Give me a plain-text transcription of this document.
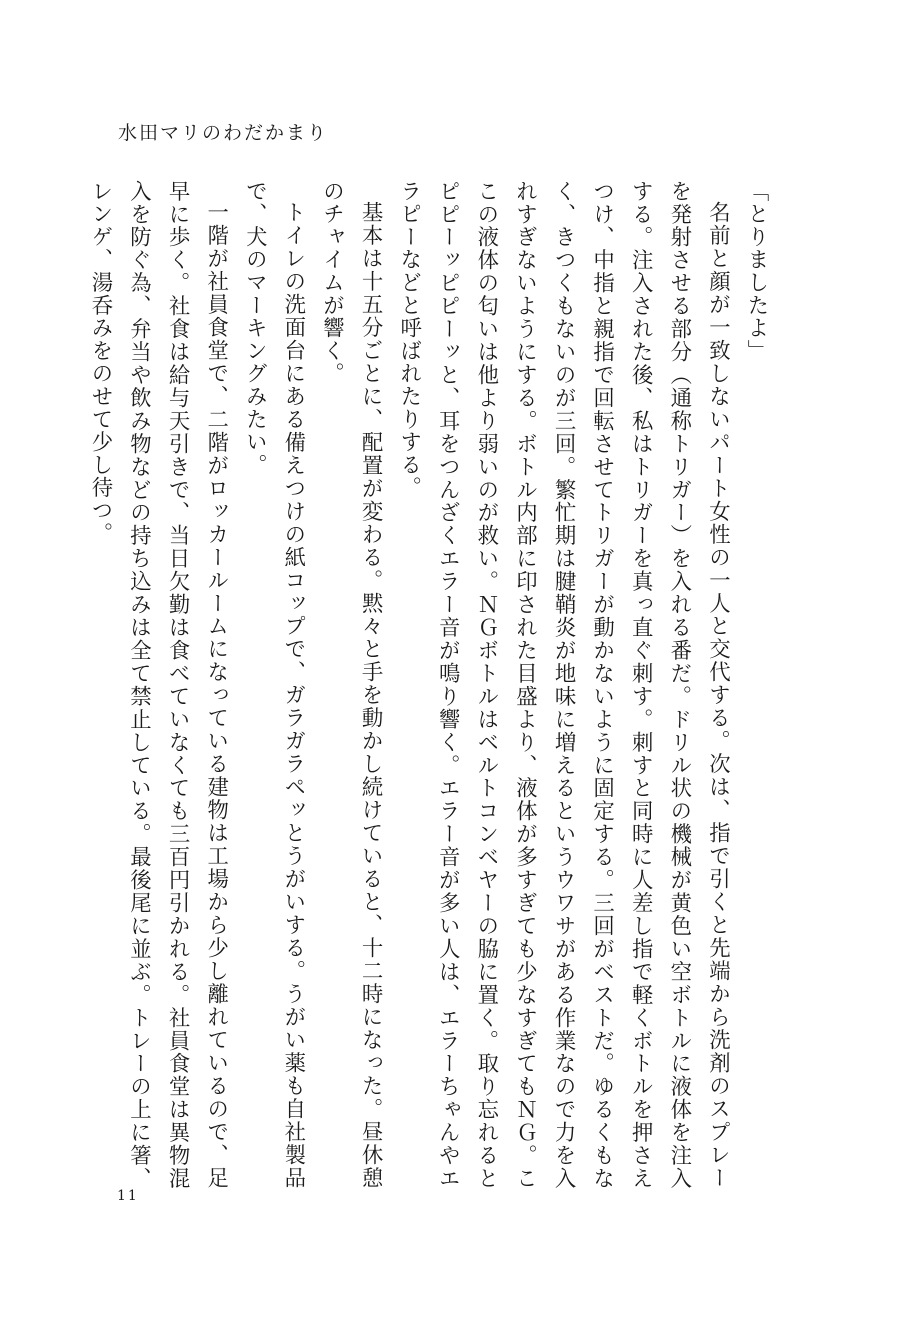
水田マリのわだかまり

「とりましたよ」

名前と顔が一致しないパート女性の一人と交代する。次は、指で引くと先端から洗剤のスプレーを発射させる部分（通称トリガー）を入れる番だ。ドリル状の機械が黄色い空ボトルに液体を注入する。注入された後、私はトリガーを真っ直ぐ刺す。刺すと同時に人差し指で軽くボトルを押さえつけ、中指と親指で回転させてトリガーが動かないように固定する。三回がベストだ。ゆるくもなく、きつくもないのが三回。繁忙期は腱鞘炎が地味に増えるというウワサがある作業なので力を入れすぎないようにする。ボトル内部に印された目盛より、液体が多すぎても少なすぎてもＮＧ。ここの液体の匂いは他より弱いのが救い。ＮＧボトルはベルトコンベヤーの脇に置く。取り忘れるとピピーッピピーッと、耳をつんざくエラー音が鳴り響く。エラー音が多い人は、エラーちゃんやエラピーなどと呼ばれたりする。

基本は十五分ごとに、配置が変わる。黙々と手を動かし続けていると、十二時になった。昼休憩のチャイムが響く。

トイレの洗面台にある備えつけの紙コップで、ガラガラペッとうがいする。うがい薬も自社製品で、犬のマーキングみたい。

一階が社員食堂で、二階がロッカールームになっている建物は工場から少し離れているので、足早に歩く。社食は給与天引きで、当日欠勤は食べていなくても三百円引かれる。社員食堂は異物混入を防ぐ為、弁当や飲み物などの持ち込みは全て禁止している。最後尾に並ぶ。トレーの上に箸、レンゲ、湯呑みをのせて少し待つ。

11
